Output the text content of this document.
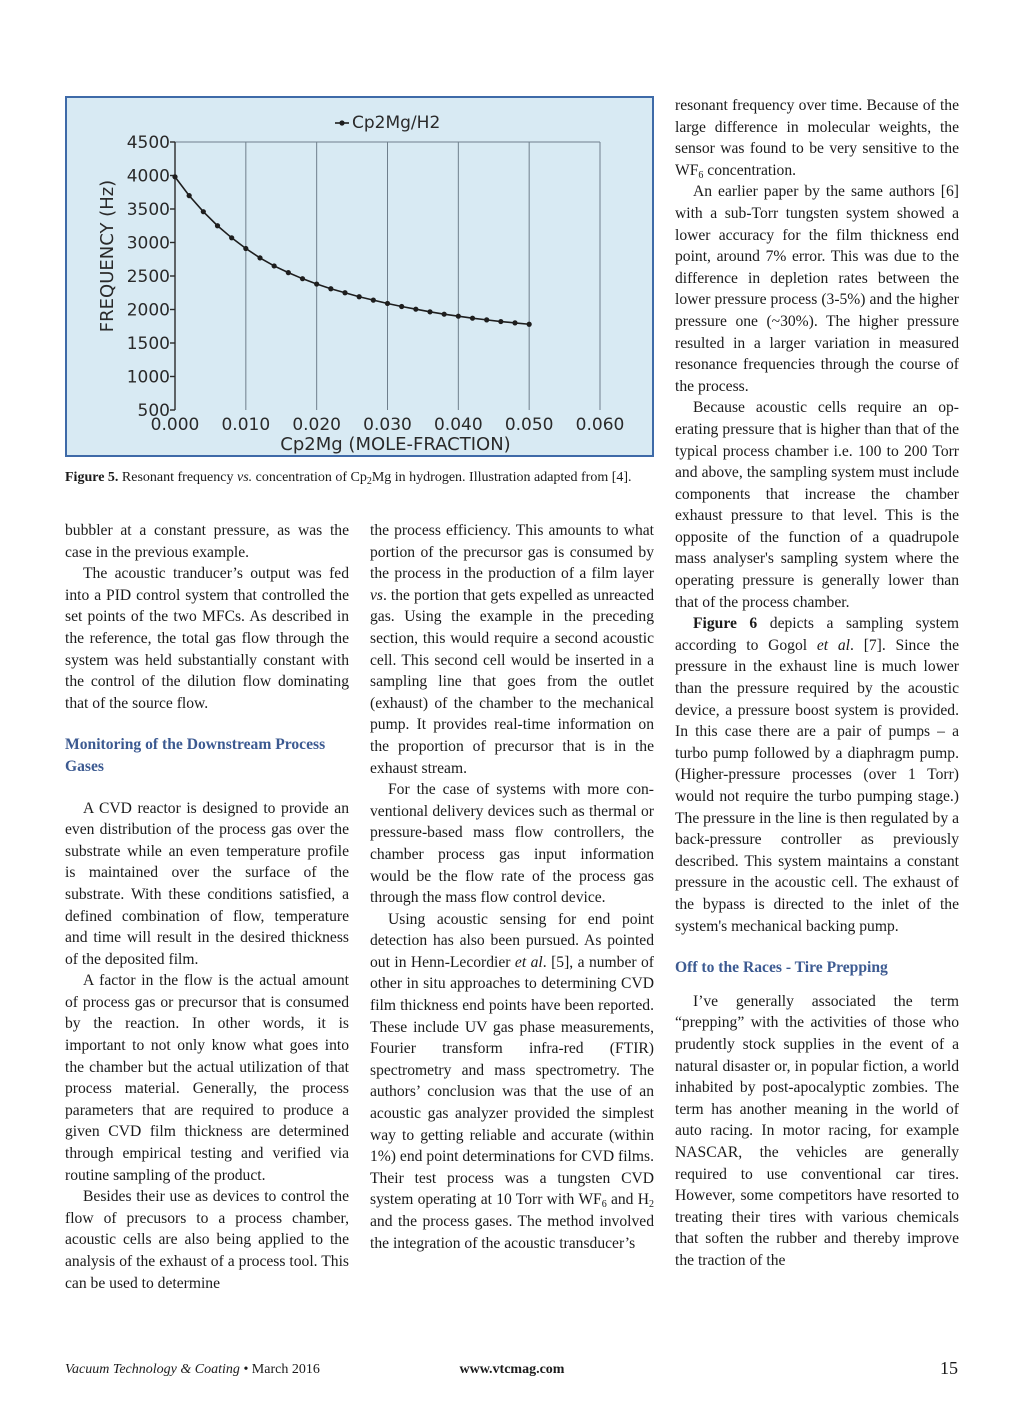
0.000 0.010 0.020 0.030 0.040 0.050 0.060
500
1000
1500
2000
2500
3000
3500
4000
4500
Cp2Mg/H2
Cp2Mg (MOLE-FRACTION)
FREQUENCY (Hz)
Figure 5. Resonant frequency vs. concentration of $Cp_2Mg$ in hydrogen. Illustration adapted from [4].

bubbler at a constant pressure, as was the case in the previous example.

The acoustic tranducer’s output was fed into a PID control system that controlled the set points of the two MFCs. As described in the reference, the total gas flow through the system was held substantially constant with the control of the dilution flow dominating that of the source flow.

Monitoring of the Downstream Process Gases

A CVD reactor is designed to provide an even distribution of the process gas over the substrate while an even temperature profile is maintained over the surface of the substrate. With these conditions satisfied, a defined combination of flow, temperature and time will result in the desired thickness of the deposited film.

A factor in the flow is the actual amount of process gas or precursor that is consumed by the reaction. In other words, it is important to not only know what goes into the chamber but the actual utilization of that process material. Generally, the process parameters that are required to produce a given CVD film thickness are determined through empirical testing and verified via routine sampling of the product.

Besides their use as devices to control the flow of precusors to a process chamber, acoustic cells are also being applied to the analysis of the exhaust of a process tool. This can be used to determine

the process efficiency. This amounts to what portion of the precursor gas is consumed by the process in the production of a film layer vs. the portion that gets expelled as unreacted gas. Using the example in the preceding section, this would require a second acoustic cell. This second cell would be inserted in a sampling line that goes from the outlet (exhaust) of the chamber to the mechanical pump. It provides real-time information on the proportion of precursor that is in the exhaust stream.

For the case of systems with more conventional delivery devices such as thermal or pressure-based mass flow controllers, the chamber process gas input information would be the flow rate of the process gas through the mass flow control device.

Using acoustic sensing for end point detection has also been pursued. As pointed out in Henn-Lecordier et al. [5], a number of other in situ approaches to determining CVD film thickness end points have been reported. These include UV gas phase measurements, Fourier transform infra-red (FTIR) spectrometry and mass spectrometry. The authors’ conclusion was that the use of an acoustic gas analyzer provided the simplest way to getting reliable and accurate (within 1%) end point determinations for CVD films. Their test process was a tungsten CVD system operating at 10 Torr with $WF_6$ and $H_2$ and the process gases. The method involved the integration of the acoustic transducer’s

resonant frequency over time. Because of the large difference in molecular weights, the sensor was found to be very sensitive to the $WF_6$ concentration.

An earlier paper by the same authors [6] with a sub-Torr tungsten system showed a lower accuracy for the film thickness end point, around 7% error. This was due to the difference in depletion rates between the lower pressure process (3-5%) and the higher pressure one (~30%). The higher pressure resulted in a larger variation in measured resonance frequencies through the course of the process.

Because acoustic cells require an operating pressure that is higher than that of the typical process chamber i.e. 100 to 200 Torr and above, the sampling system must include components that increase the chamber exhaust pressure to that level. This is the opposite of the function of a quadrupole mass analyser's sampling system where the operating pressure is generally lower than that of the process chamber.

Figure 6 depicts a sampling system according to Gogol et al. [7]. Since the pressure in the exhaust line is much lower than the pressure required by the acoustic device, a pressure boost system is provided. In this case there are a pair of pumps – a turbo pump followed by a diaphragm pump. (Higher-pressure processes (over 1 Torr) would not require the turbo pumping stage.) The pressure in the line is then regulated by a back-pressure controller as previously described. This system maintains a constant pressure in the acoustic cell. The exhaust of the bypass is directed to the inlet of the system's mechanical backing pump.

Off to the Races - Tire Prepping

I’ve generally associated the term “prepping” with the activities of those who prudently stock supplies in the event of a natural disaster or, in popular fiction, a world inhabited by post-apocalyptic zombies. The term has another meaning in the world of auto racing. In motor racing, for example NASCAR, the vehicles are generally required to use conventional car tires. However, some competitors have resorted to treating their tires with various chemicals that soften the rubber and thereby improve the traction of the

Vacuum Technology & Coating • March 2016	www.vtcmag.com	15
